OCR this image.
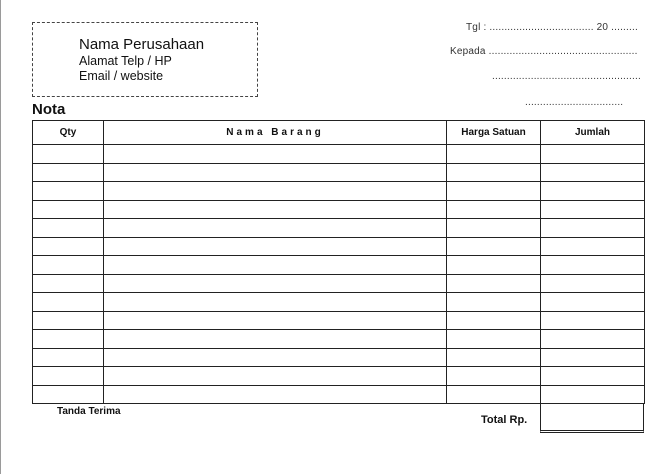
Nama Perusahaan
Alamat Telp / HP
Email / website
Tgl : ................................... 20 .........
Kepada ..................................................
..................................................
.................................
Nota
Qty	Nama Barang	Harga Satuan	Jumlah

Tanda Terima
Total Rp.
